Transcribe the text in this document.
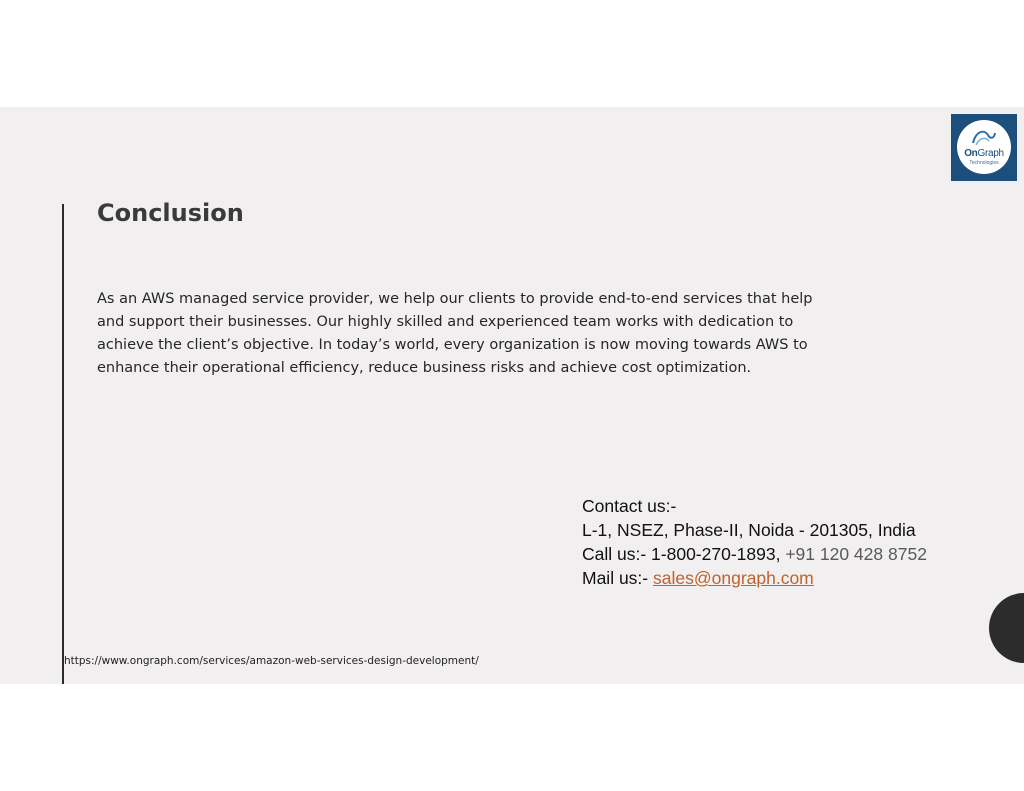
OnGraph
Technologies
Conclusion

As an AWS managed service provider, we help our clients to provide end-to-end services that help and support their businesses. Our highly skilled and experienced team works with dedication to achieve the client’s objective. In today’s world, every organization is now moving towards AWS to enhance their operational efficiency, reduce business risks and achieve cost optimization.

Contact us:-
L-1, NSEZ, Phase-II, Noida - 201305, India
Call us:- 1-800-270-1893, +91 120 428 8752
Mail us:- sales@ongraph.com
https://www.ongraph.com/services/amazon-web-services-design-development/
